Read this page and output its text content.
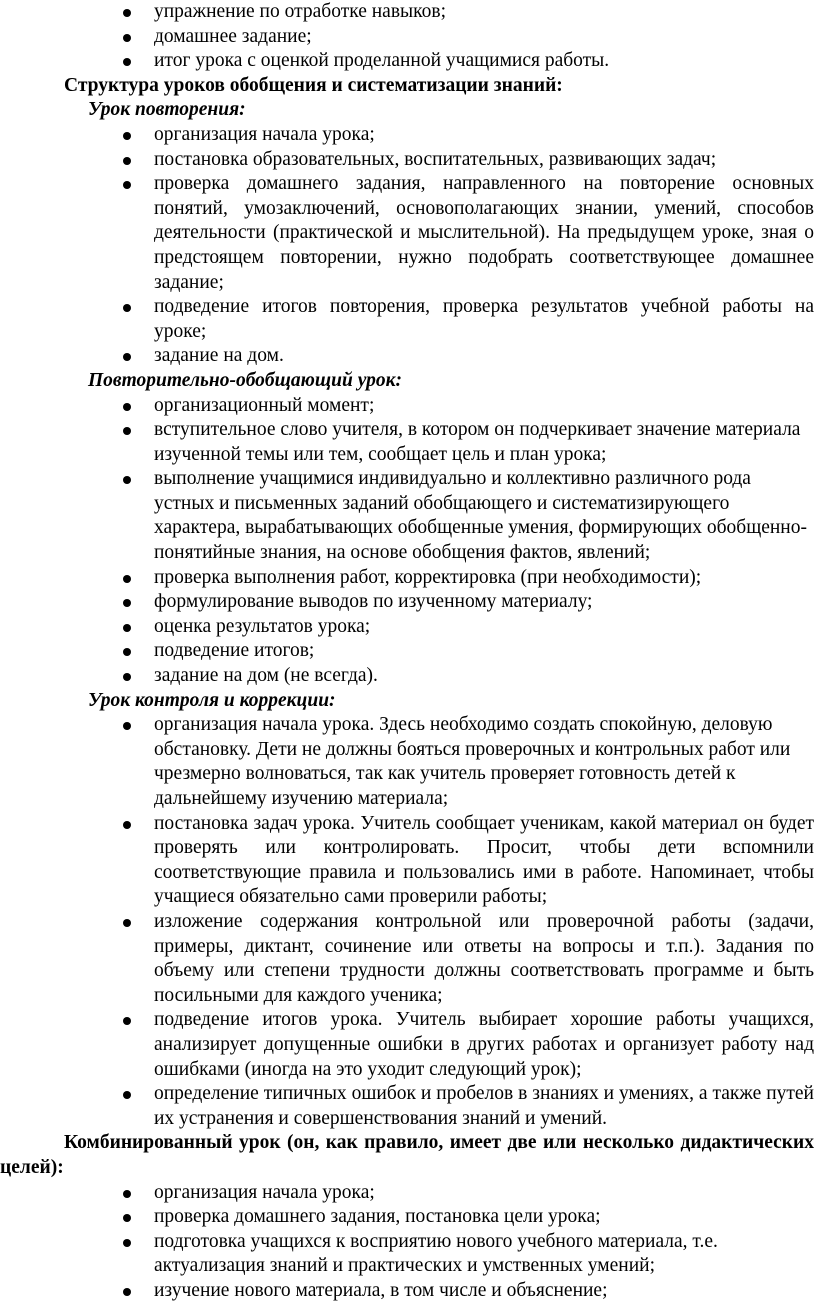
упражнение по отработке навыков;
домашнее задание;
итог урока с оценкой проделанной учащимися работы.
Структура уроков обобщения и систематизации знаний:
Урок повторения:
организация начала урока;
постановка образовательных, воспитательных, развивающих задач;
проверка домашнего задания, направленного на повторение основных понятий, умозаключений, основополагающих знании, умений, способов деятельности (практической и мыслительной). На предыдущем уроке, зная о предстоящем повторении, нужно подобрать соответствующее домашнее задание;
подведение итогов повторения, проверка результатов учебной работы на уроке;
задание на дом.
Повторительно-обобщающий урок:
организационный момент;
вступительное слово учителя, в котором он подчеркивает значение материала изученной темы или тем, сообщает цель и план урока;
выполнение учащимися индивидуально и коллективно различного рода устных и письменных заданий обобщающего и систематизирующего характера, вырабатывающих обобщенные умения, формирующих обобщенно-понятийные знания, на основе обобщения фактов, явлений;
проверка выполнения работ, корректировка (при необходимости);
формулирование выводов по изученному материалу;
оценка результатов урока;
подведение итогов;
задание на дом (не всегда).
Урок контроля и коррекции:
организация начала урока. Здесь необходимо создать спокойную, деловую обстановку. Дети не должны бояться проверочных и контрольных работ или чрезмерно волноваться, так как учитель проверяет готовность детей к дальнейшему изучению материала;
постановка задач урока. Учитель сообщает ученикам, какой материал он будет проверять или контролировать. Просит, чтобы дети вспомнили соответствующие правила и пользовались ими в работе. Напоминает, чтобы учащиеся обязательно сами проверили работы;
изложение содержания контрольной или проверочной работы (задачи, примеры, диктант, сочинение или ответы на вопросы и т.п.). Задания по объему или степени трудности должны соответствовать программе и быть посильными для каждого ученика;
подведение итогов урока. Учитель выбирает хорошие работы учащихся, анализирует допущенные ошибки в других работах и организует работу над ошибками (иногда на это уходит следующий урок);
определение типичных ошибок и пробелов в знаниях и умениях, а также путей их устранения и совершенствования знаний и умений.
Комбинированный урок (он, как правило, имеет две или несколько дидактических целей):
организация начала урока;
проверка домашнего задания, постановка цели урока;
подготовка учащихся к восприятию нового учебного материала, т.е. актуализация знаний и практических и умственных умений;
изучение нового материала, в том числе и объяснение;
